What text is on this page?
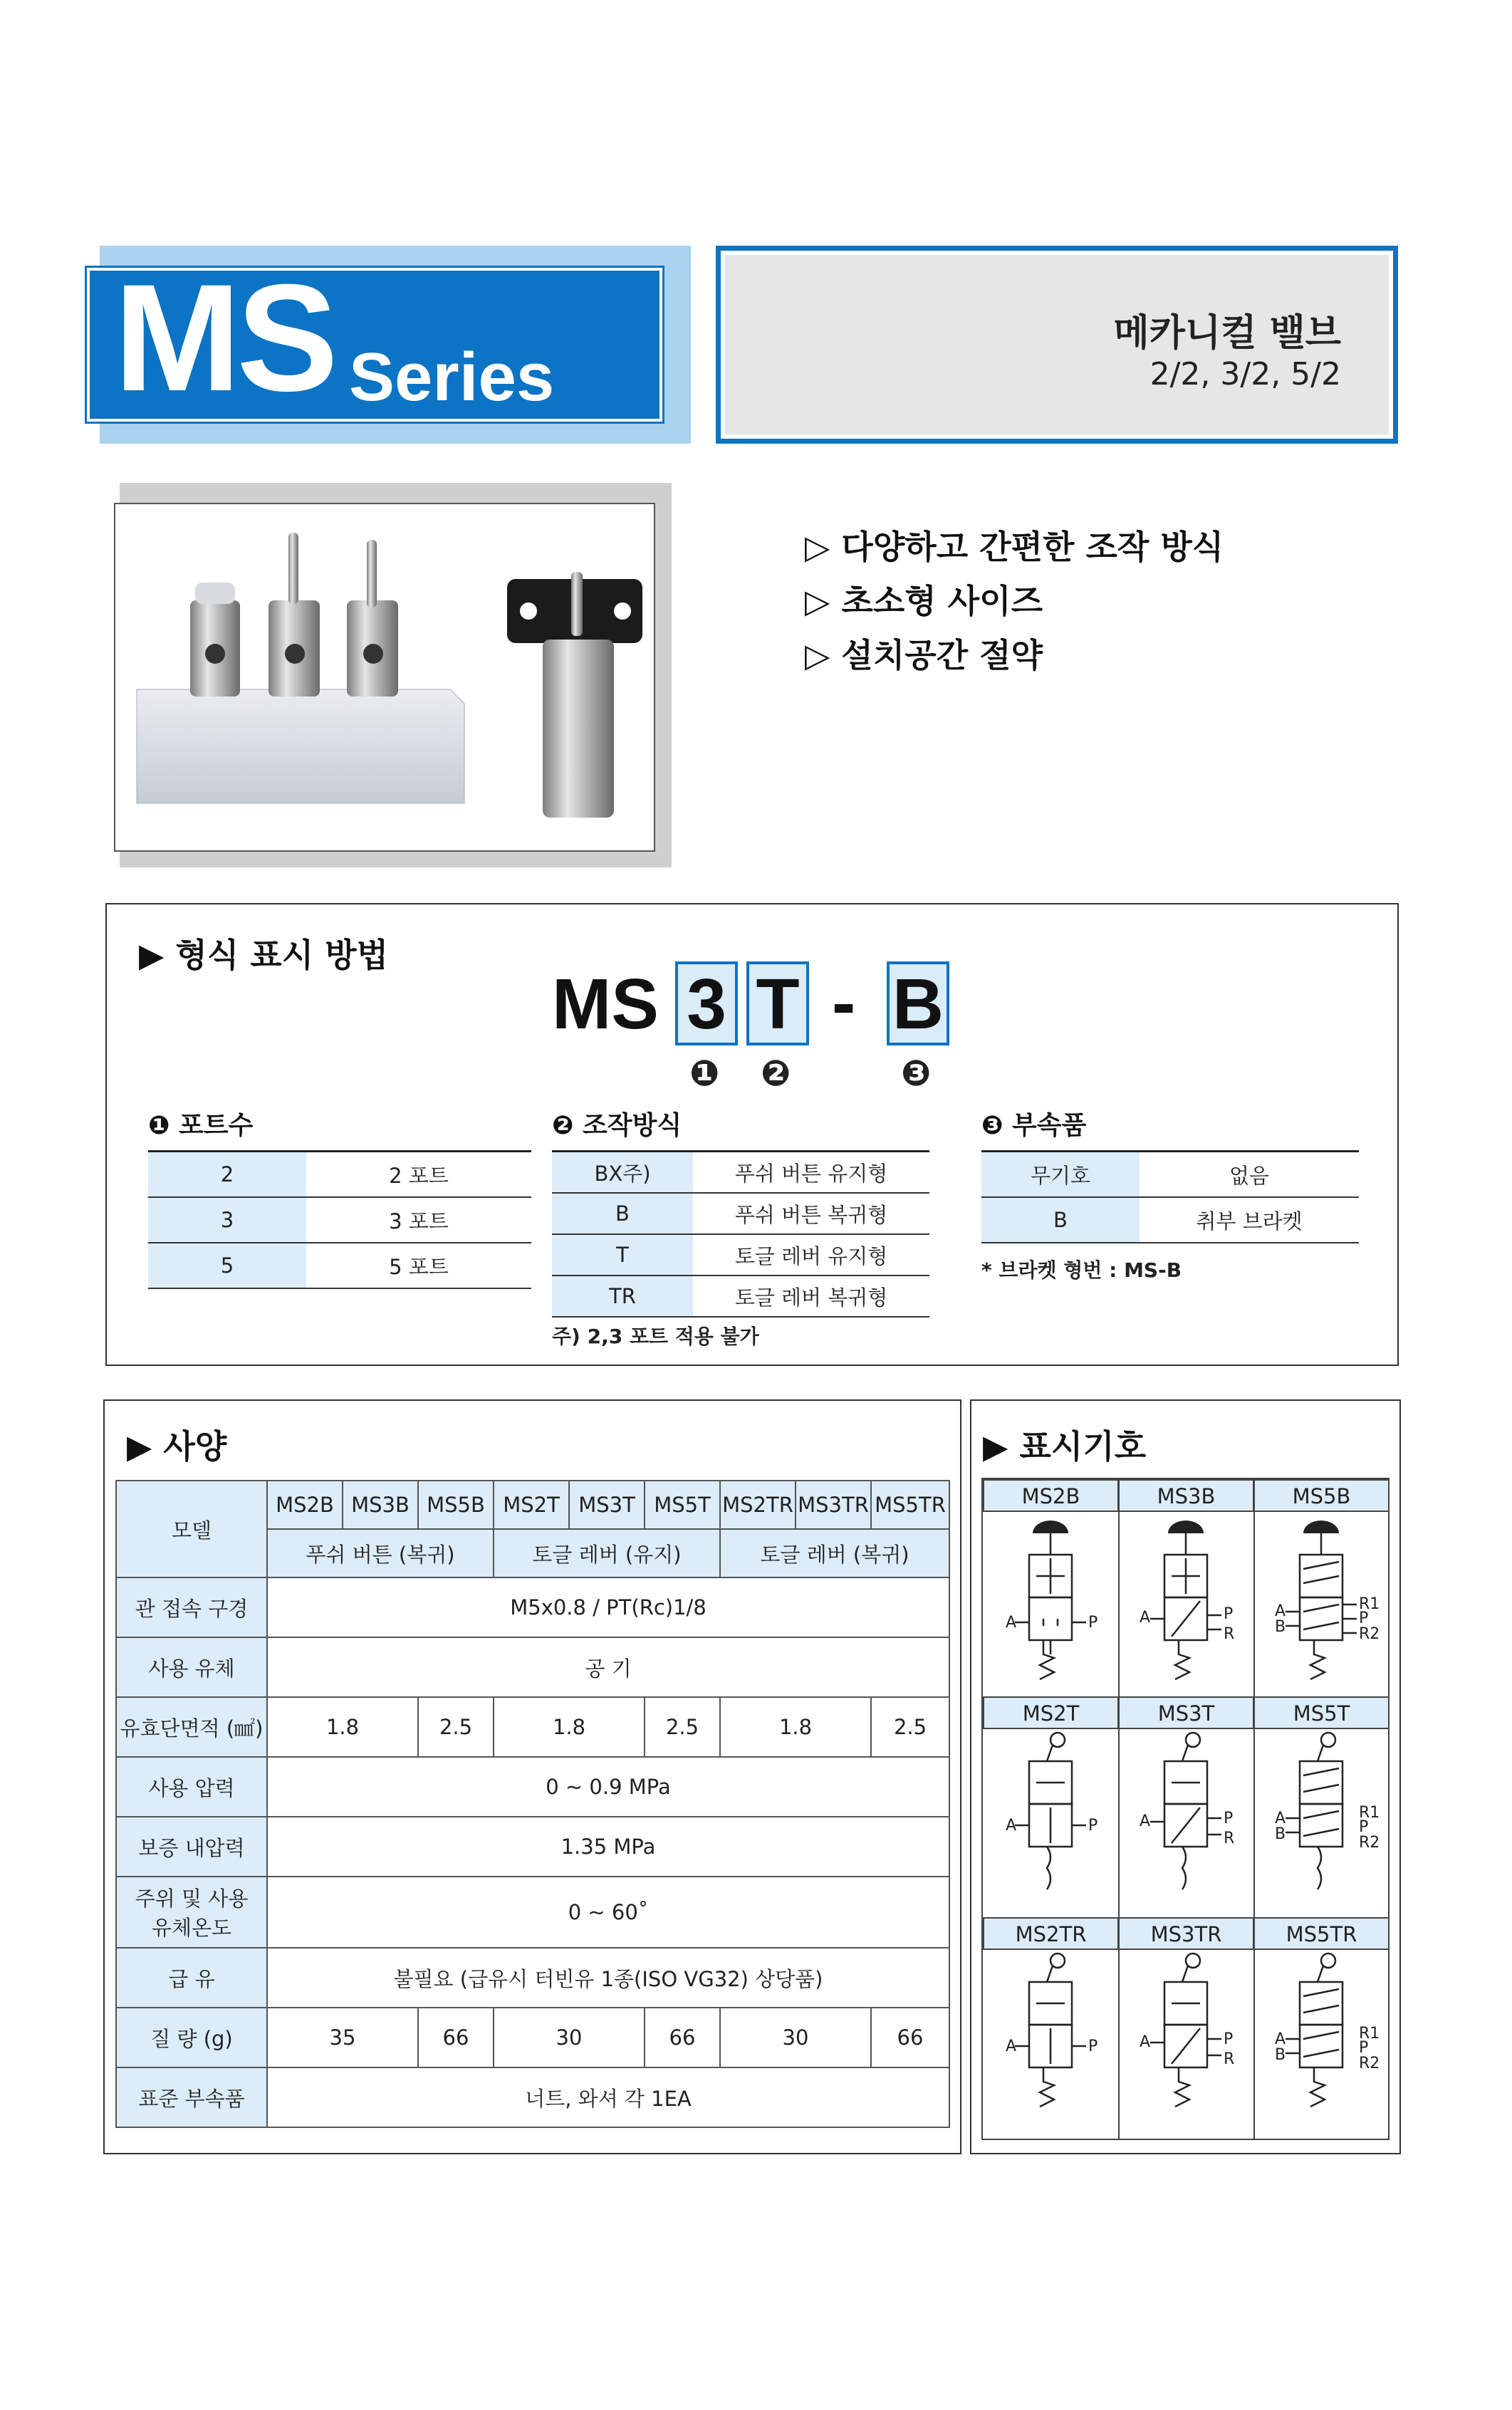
MS Series
메카니컬 밸브
2/2, 3/2, 5/2
▷ 다양하고 간편한 조작 방식
▷ 초소형 사이즈
▷ 설치공간 절약
▶ 형식 표시 방법
MS 3 T - B
❶ ❷	❸
❶ 포트수
2	2 포트
3	3 포트
5	5 포트
❷ 조작방식
BX주)	푸쉬 버튼 유지형
B	푸쉬 버튼 복귀형
T	토글 레버 유지형
TR	토글 레버 복귀형
주) 2,3 포트 적용 불가
❸ 부속품
무기호	없음
B	취부 브라켓
* 브라켓 형번 : MS-B
▶ 사양
모델	MS2B	MS3B	MS5B	MS2T	MS3T	MS5T	MS2TR	MS3TR	MS5TR
	푸쉬 버튼 (복귀)			토글 레버 (유지)			토글 레버 (복귀)		
관 접속 구경	M5x0.8 / PT(Rc)1/8								
사용 유체	공 기								
유효단면적 (㎟)	1.8		2.5	1.8		2.5	1.8		2.5
사용 압력	0 ~ 0.9 MPa								
보증 내압력	1.35 MPa								
주위 및 사용 유체온도	0 ~ 60˚								
급 유	불필요 (급유시 터빈유 1종(ISO VG32) 상당품)								
질 량 (g)	35		66	30		66	30		66
표준 부속품	너트, 와셔 각 1EA								
▶ 표시기호
MS2B	MS3B	MS5B
MS2T	MS3T	MS5T
MS2TR	MS3TR	MS5TR
A	P	A	P
R
A
B
R1
P
R2
A	P	A	P
R
A
B
R1
P
R2
A	P	A	P
R
A
B
R1
P
R2
